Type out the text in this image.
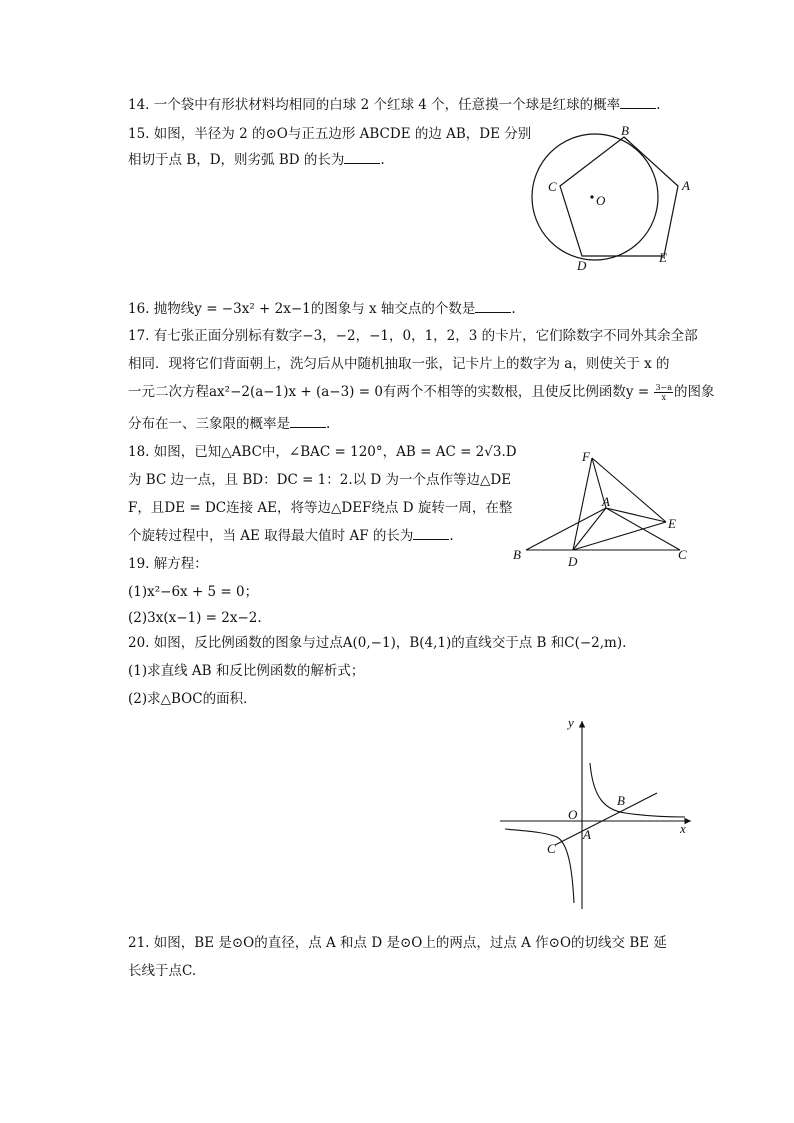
14. 一个袋中有形状材料均相同的白球 2 个红球 4 个，任意摸一个球是红球的概率	.
15. 如图，半径为 2 的⊙O与正五边形 ABCDE 的边 AB，DE 分别
相切于点 B，D，则劣弧 BD 的长为	.
B
A
C
O
D
E
16. 抛物线y = −3x² + 2x−1的图象与 x 轴交点的个数是	.
17. 有七张正面分别标有数字−3，−2，−1，0，1，2，3 的卡片，它们除数字不同外其余全部
相同．现将它们背面朝上，洗匀后从中随机抽取一张，记卡片上的数字为 a，则使关于 x 的
一元二次方程ax²−2(a−1)x + (a−3) = 0有两个不相等的实数根，且使反比例函数$y = \frac{3-a}{x}$ 的图象
分布在一、三象限的概率是	.
18. 如图，已知△ABC中，∠BAC = 120°，AB = AC = 2√3.D
为 BC 边一点，且 BD：DC = 1：2.以 D 为一个点作等边△DE
F，且DE = DC连接 AE，将等边△DEF绕点 D 旋转一周，在整
个旋转过程中，当 AE 取得最大值时 AF 的长为	.
F
A
E
B	D	C
19. 解方程：
(1)x²−6x + 5 = 0；
(2)3x(x−1) = 2x−2.
20. 如图，反比例函数的图象与过点A(0,−1)，B(4,1)的直线交于点 B 和C(−2,m).
(1)求直线 AB 和反比例函数的解析式；
(2)求△BOC的面积．
y
x
O
B
A
C
21. 如图，BE 是⊙O的直径，点 A 和点 D 是⊙O上的两点，过点 A 作⊙O的切线交 BE 延
长线于点C.
